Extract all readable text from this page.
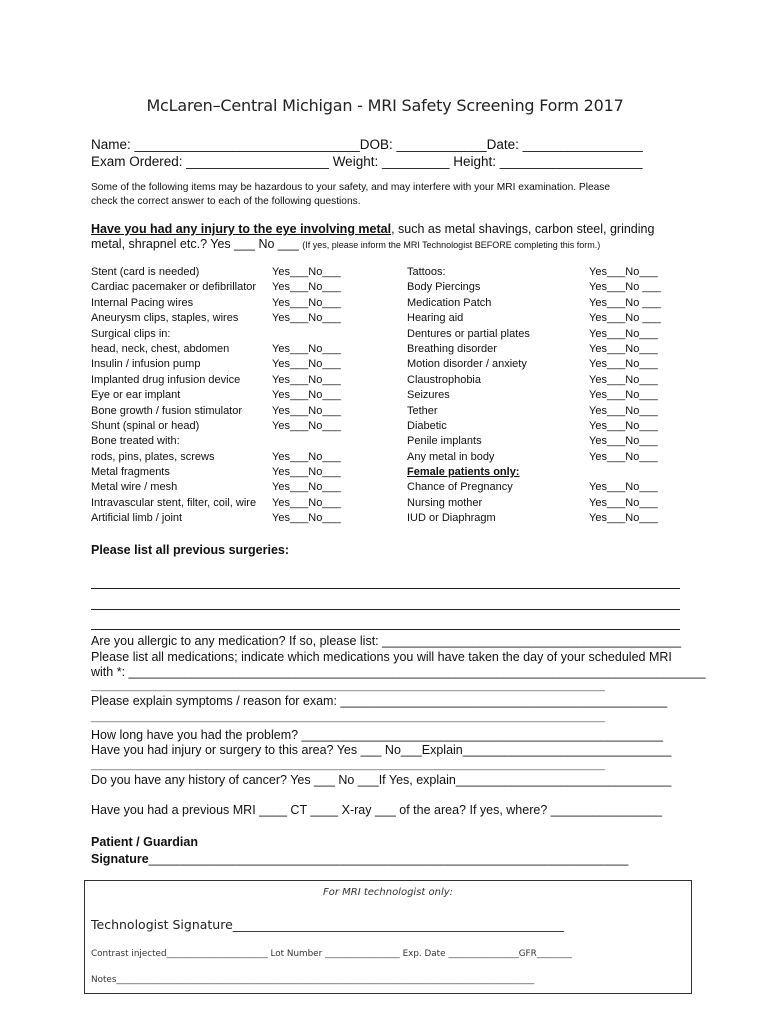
McLaren–Central Michigan - MRI Safety Screening Form 2017
Name: ______________________________DOB: ____________Date: ________________
Exam Ordered: ___________________ Weight: _________ Height: ___________________
Some of the following items may be hazardous to your safety, and may interfere with your MRI examination. Please
check the correct answer to each of the following questions.
Have you had any injury to the eye involving metal, such as metal shavings, carbon steel, grinding
metal, shrapnel etc.? Yes ___ No ___ (If yes, please inform the MRI Technologist BEFORE completing this form.)
Stent (card is needed)
Cardiac pacemaker or defibrillator
Internal Pacing wires
Aneurysm clips, staples, wires
Surgical clips in:
head, neck, chest, abdomen
Insulin / infusion pump
Implanted drug infusion device
Eye or ear implant
Bone growth / fusion stimulator
Shunt (spinal or head)
Bone treated with:
rods, pins, plates, screws
Metal fragments
Metal wire / mesh
Intravascular stent, filter, coil, wire
Artificial limb / joint
Yes___No___
Yes___No___
Yes___No___
Yes___No___
Yes___No___
Yes___No___
Yes___No___
Yes___No___
Yes___No___
Yes___No___
Yes___No___
Yes___No___
Yes___No___
Yes___No___
Yes___No___
Tattoos:
Body Piercings
Medication Patch
Hearing aid
Dentures or partial plates
Breathing disorder
Motion disorder / anxiety
Claustrophobia
Seizures
Tether
Diabetic
Penile implants
Any metal in body
Female patients only:
Chance of Pregnancy
Nursing mother
IUD or Diaphragm
Yes___No___
Yes___No ___
Yes___No ___
Yes___No ___
Yes___No___
Yes___No___
Yes___No___
Yes___No___
Yes___No___
Yes___No___
Yes___No___
Yes___No___
Yes___No___
Yes___No___
Yes___No___
Yes___No___
Please list all previous surgeries:
Are you allergic to any medication? If so, please list: ___________________________________________
Please list all medications; indicate which medications you will have taken the day of your scheduled MRI
with *: ___________________________________________________________________________________
________________________________________________________________________________________
Please explain symptoms / reason for exam: _______________________________________________
________________________________________________________________________________________
How long have you had the problem? ____________________________________________________
Have you had injury or surgery to this area? Yes ___ No___Explain______________________________
________________________________________________________________________________________
Do you have any history of cancer? Yes ___ No ___If Yes, explain_______________________________
Have you had a previous MRI ____ CT ____ X-ray ___ of the area? If yes, where? ________________
Patient / Guardian
Signature_____________________________________________________________________
For MRI technologist only:
Technologist Signature_____________________________________________________
Contrast injected_______________________ Lot Number _________________ Exp. Date ________________GFR________
Notes_______________________________________________________________________________________________
